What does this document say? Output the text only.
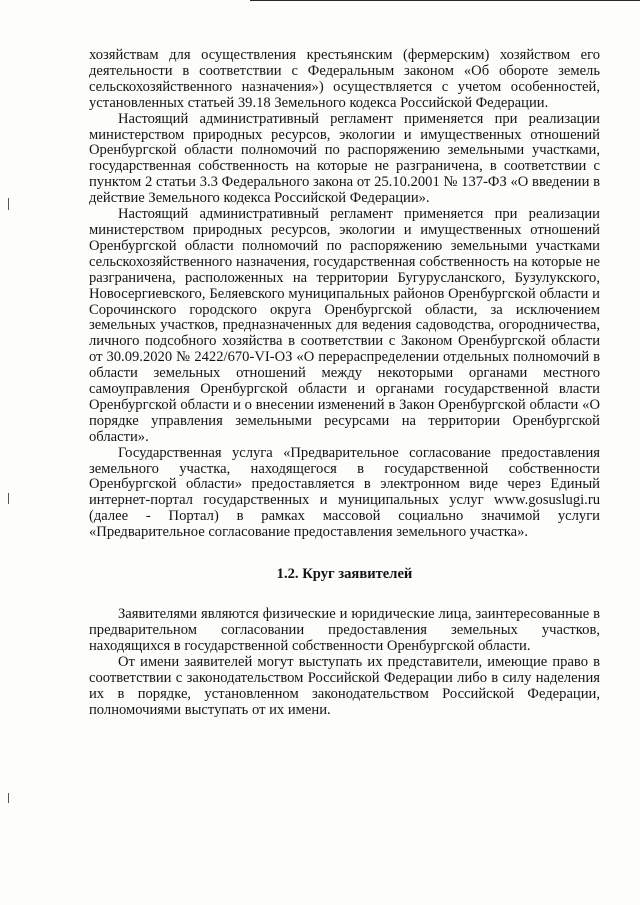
хозяйствам для осуществления крестьянским (фермерским) хозяйством его деятельности в соответствии с Федеральным законом «Об обороте земель сельскохозяйственного назначения») осуществляется с учетом особенностей, установленных статьей 39.18 Земельного кодекса Российской Федерации.

Настоящий административный регламент применяется при реализации министерством природных ресурсов, экологии и имущественных отношений Оренбургской области полномочий по распоряжению земельными участками, государственная собственность на которые не разграничена, в соответствии с пунктом 2 статьи 3.3 Федерального закона от 25.10.2001 № 137-ФЗ «О введении в действие Земельного кодекса Российской Федерации».

Настоящий административный регламент применяется при реализации министерством природных ресурсов, экологии и имущественных отношений Оренбургской области полномочий по распоряжению земельными участками сельскохозяйственного назначения, государственная собственность на которые не разграничена, расположенных на территории Бугурусланского, Бузулукского, Новосергиевского, Беляевского муниципальных районов Оренбургской области и Сорочинского городского округа Оренбургской области, за исключением земельных участков, предназначенных для ведения садоводства, огородничества, личного подсобного хозяйства в соответствии с Законом Оренбургской области от 30.09.2020 № 2422/670-VI-ОЗ «О перераспределении отдельных полномочий в области земельных отношений между некоторыми органами местного самоуправления Оренбургской области и органами государственной власти Оренбургской области и о внесении изменений в Закон Оренбургской области «О порядке управления земельными ресурсами на территории Оренбургской области».

Государственная услуга «Предварительное согласование предоставления земельного участка, находящегося в государственной собственности Оренбургской области» предоставляется в электронном виде через Единый интернет-портал государственных и муниципальных услуг www.gosuslugi.ru (далее - Портал) в рамках массовой социально значимой услуги «Предварительное согласование предоставления земельного участка».

1.2. Круг заявителей

Заявителями являются физические и юридические лица, заинтересованные в предварительном согласовании предоставления земельных участков, находящихся в государственной собственности Оренбургской области.

От имени заявителей могут выступать их представители, имеющие право в соответствии с законодательством Российской Федерации либо в силу наделения их в порядке, установленном законодательством Российской Федерации, полномочиями выступать от их имени.
